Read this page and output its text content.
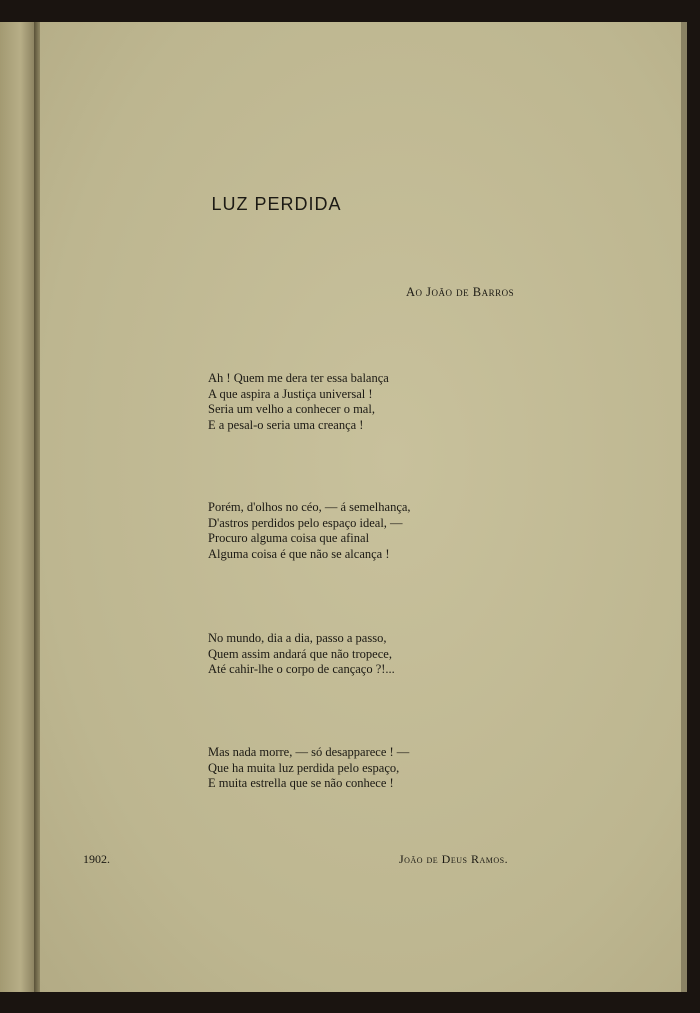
LUZ PERDIDA
Ao João de Barros
Ah ! Quem me dera ter essa balança
A que aspira a Justiça universal !
Seria um velho a conhecer o mal,
E a pesal-o seria uma creança !
Porém, d'olhos no céo, — á semelhança,
D'astros perdidos pelo espaço ideal, —
Procuro alguma coisa que afinal
Alguma coisa é que não se alcança !
No mundo, dia a dia, passo a passo,
Quem assim andará que não tropece,
Até cahir-lhe o corpo de cançaço ?!...
Mas nada morre, — só desapparece ! —
Que ha muita luz perdida pelo espaço,
E muita estrella que se não conhece !
1902.	João de Deus Ramos.
